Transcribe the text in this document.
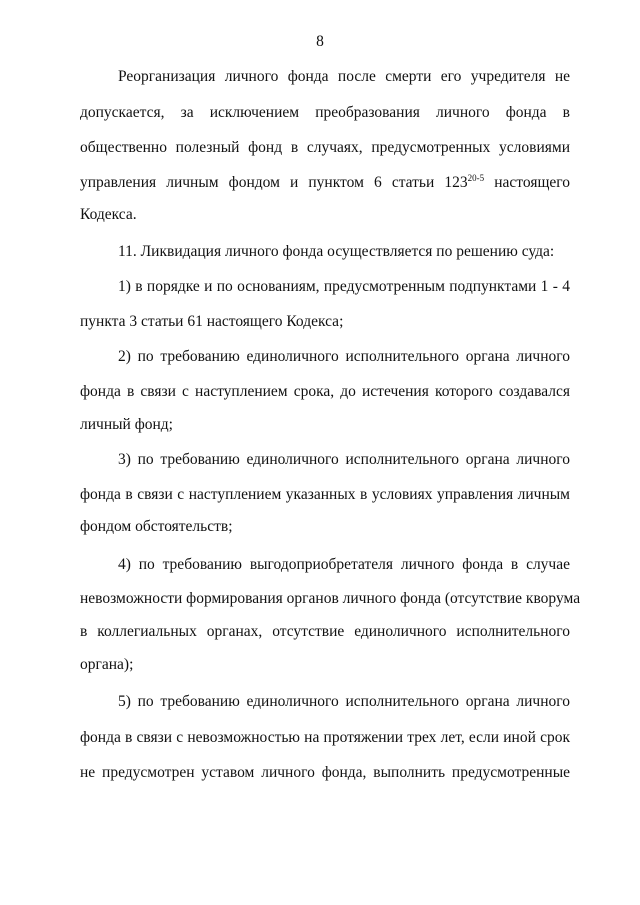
8
Реорганизация личного фонда после смерти его учредителя не
допускается, за исключением преобразования личного фонда в
общественно полезный фонд в случаях, предусмотренных условиями
управления личным фондом и пунктом 6 статьи 123$^{20-5}$ настоящего
Кодекса.
11. Ликвидация личного фонда осуществляется по решению суда:
1) в порядке и по основаниям, предусмотренным подпунктами 1 - 4
пункта 3 статьи 61 настоящего Кодекса;
2) по требованию единоличного исполнительного органа личного
фонда в связи с наступлением срока, до истечения которого создавался
личный фонд;
3) по требованию единоличного исполнительного органа личного
фонда в связи с наступлением указанных в условиях управления личным
фондом обстоятельств;
4) по требованию выгодоприобретателя личного фонда в случае
невозможности формирования органов личного фонда (отсутствие кворума
в коллегиальных органах, отсутствие единоличного исполнительного
органа);
5) по требованию единоличного исполнительного органа личного
фонда в связи с невозможностью на протяжении трех лет, если иной срок
не предусмотрен уставом личного фонда, выполнить предусмотренные
